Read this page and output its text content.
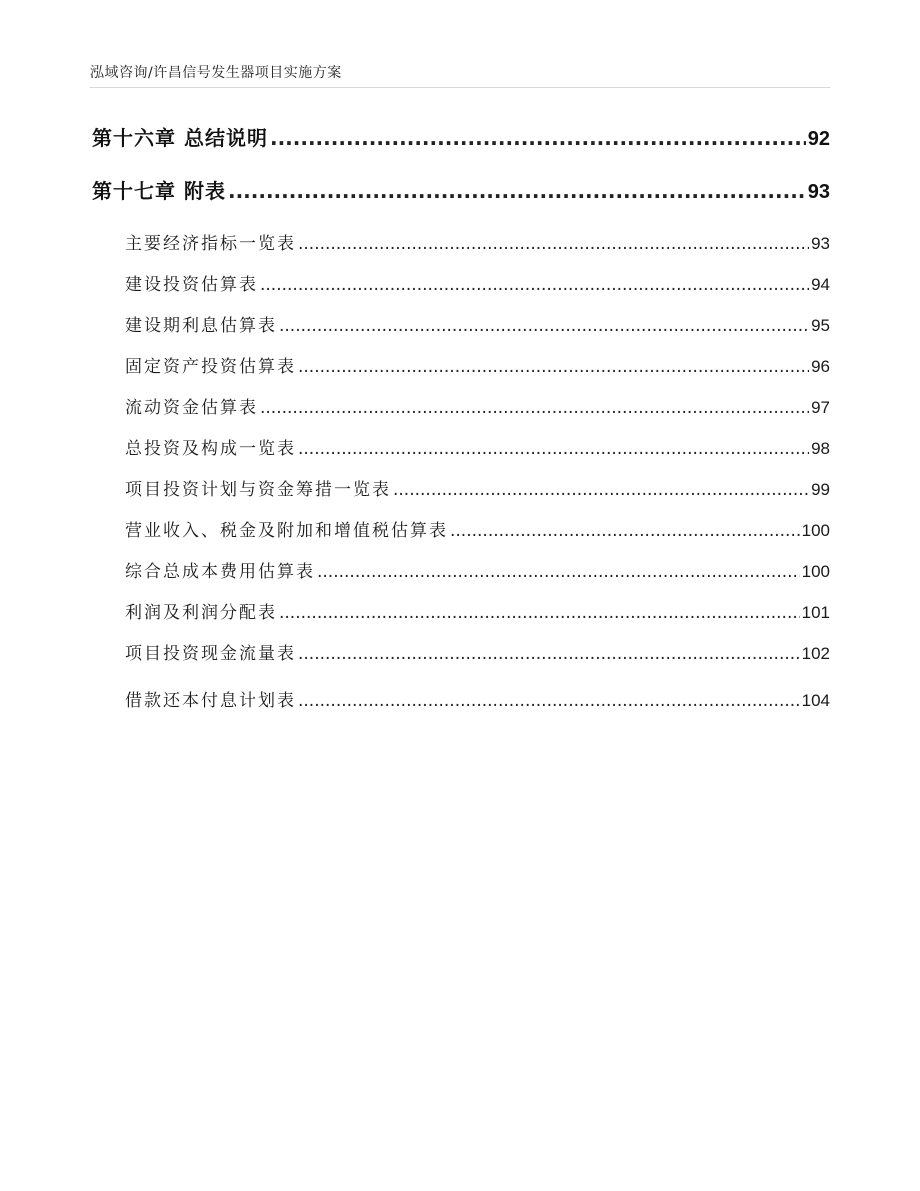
泓域咨询/许昌信号发生器项目实施方案
第十六章 总结说明 .....	92
第十七章 附表 .....	93
主要经济指标一览表 .....	93
建设投资估算表 .....	94
建设期利息估算表 .....	95
固定资产投资估算表 .....	96
流动资金估算表 .....	97
总投资及构成一览表 .....	98
项目投资计划与资金筹措一览表 .....	99
营业收入、税金及附加和增值税估算表 .....	100
综合总成本费用估算表 .....	100
利润及利润分配表 .....	101
项目投资现金流量表 .....	102
借款还本付息计划表 .....	104
